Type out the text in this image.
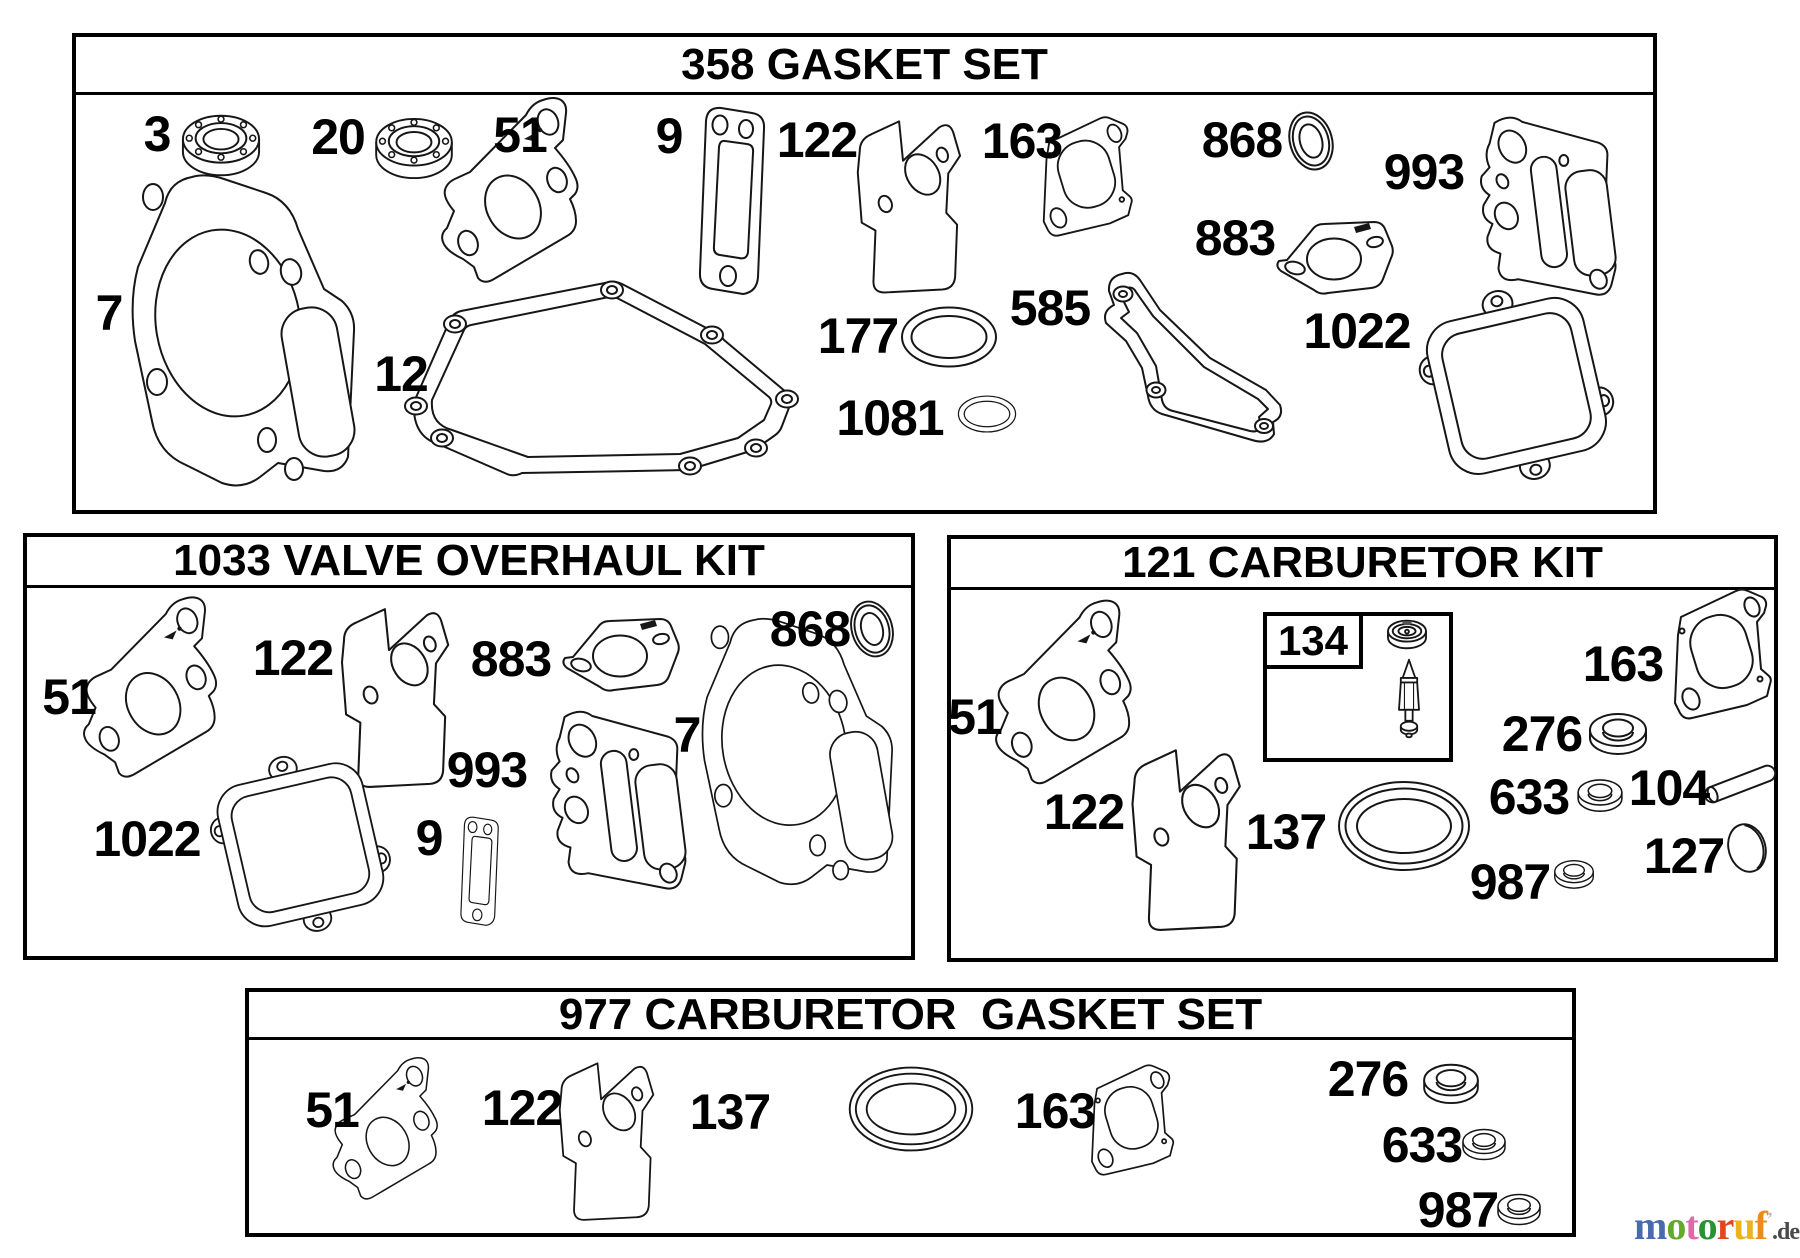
358 GASKET SET
1033 VALVE OVERHAUL KIT	121 CARBURETOR KIT
977 CARBURETOR  GASKET SET
134
3	20	51 9 122 163	868
883
993
585
177
1081
12
7	1022
51
122	883
868
993
1022	9
7	51
122 137
163
276
633 104
987 127
51 122	137	163
276
633
987	motoruf’.de
